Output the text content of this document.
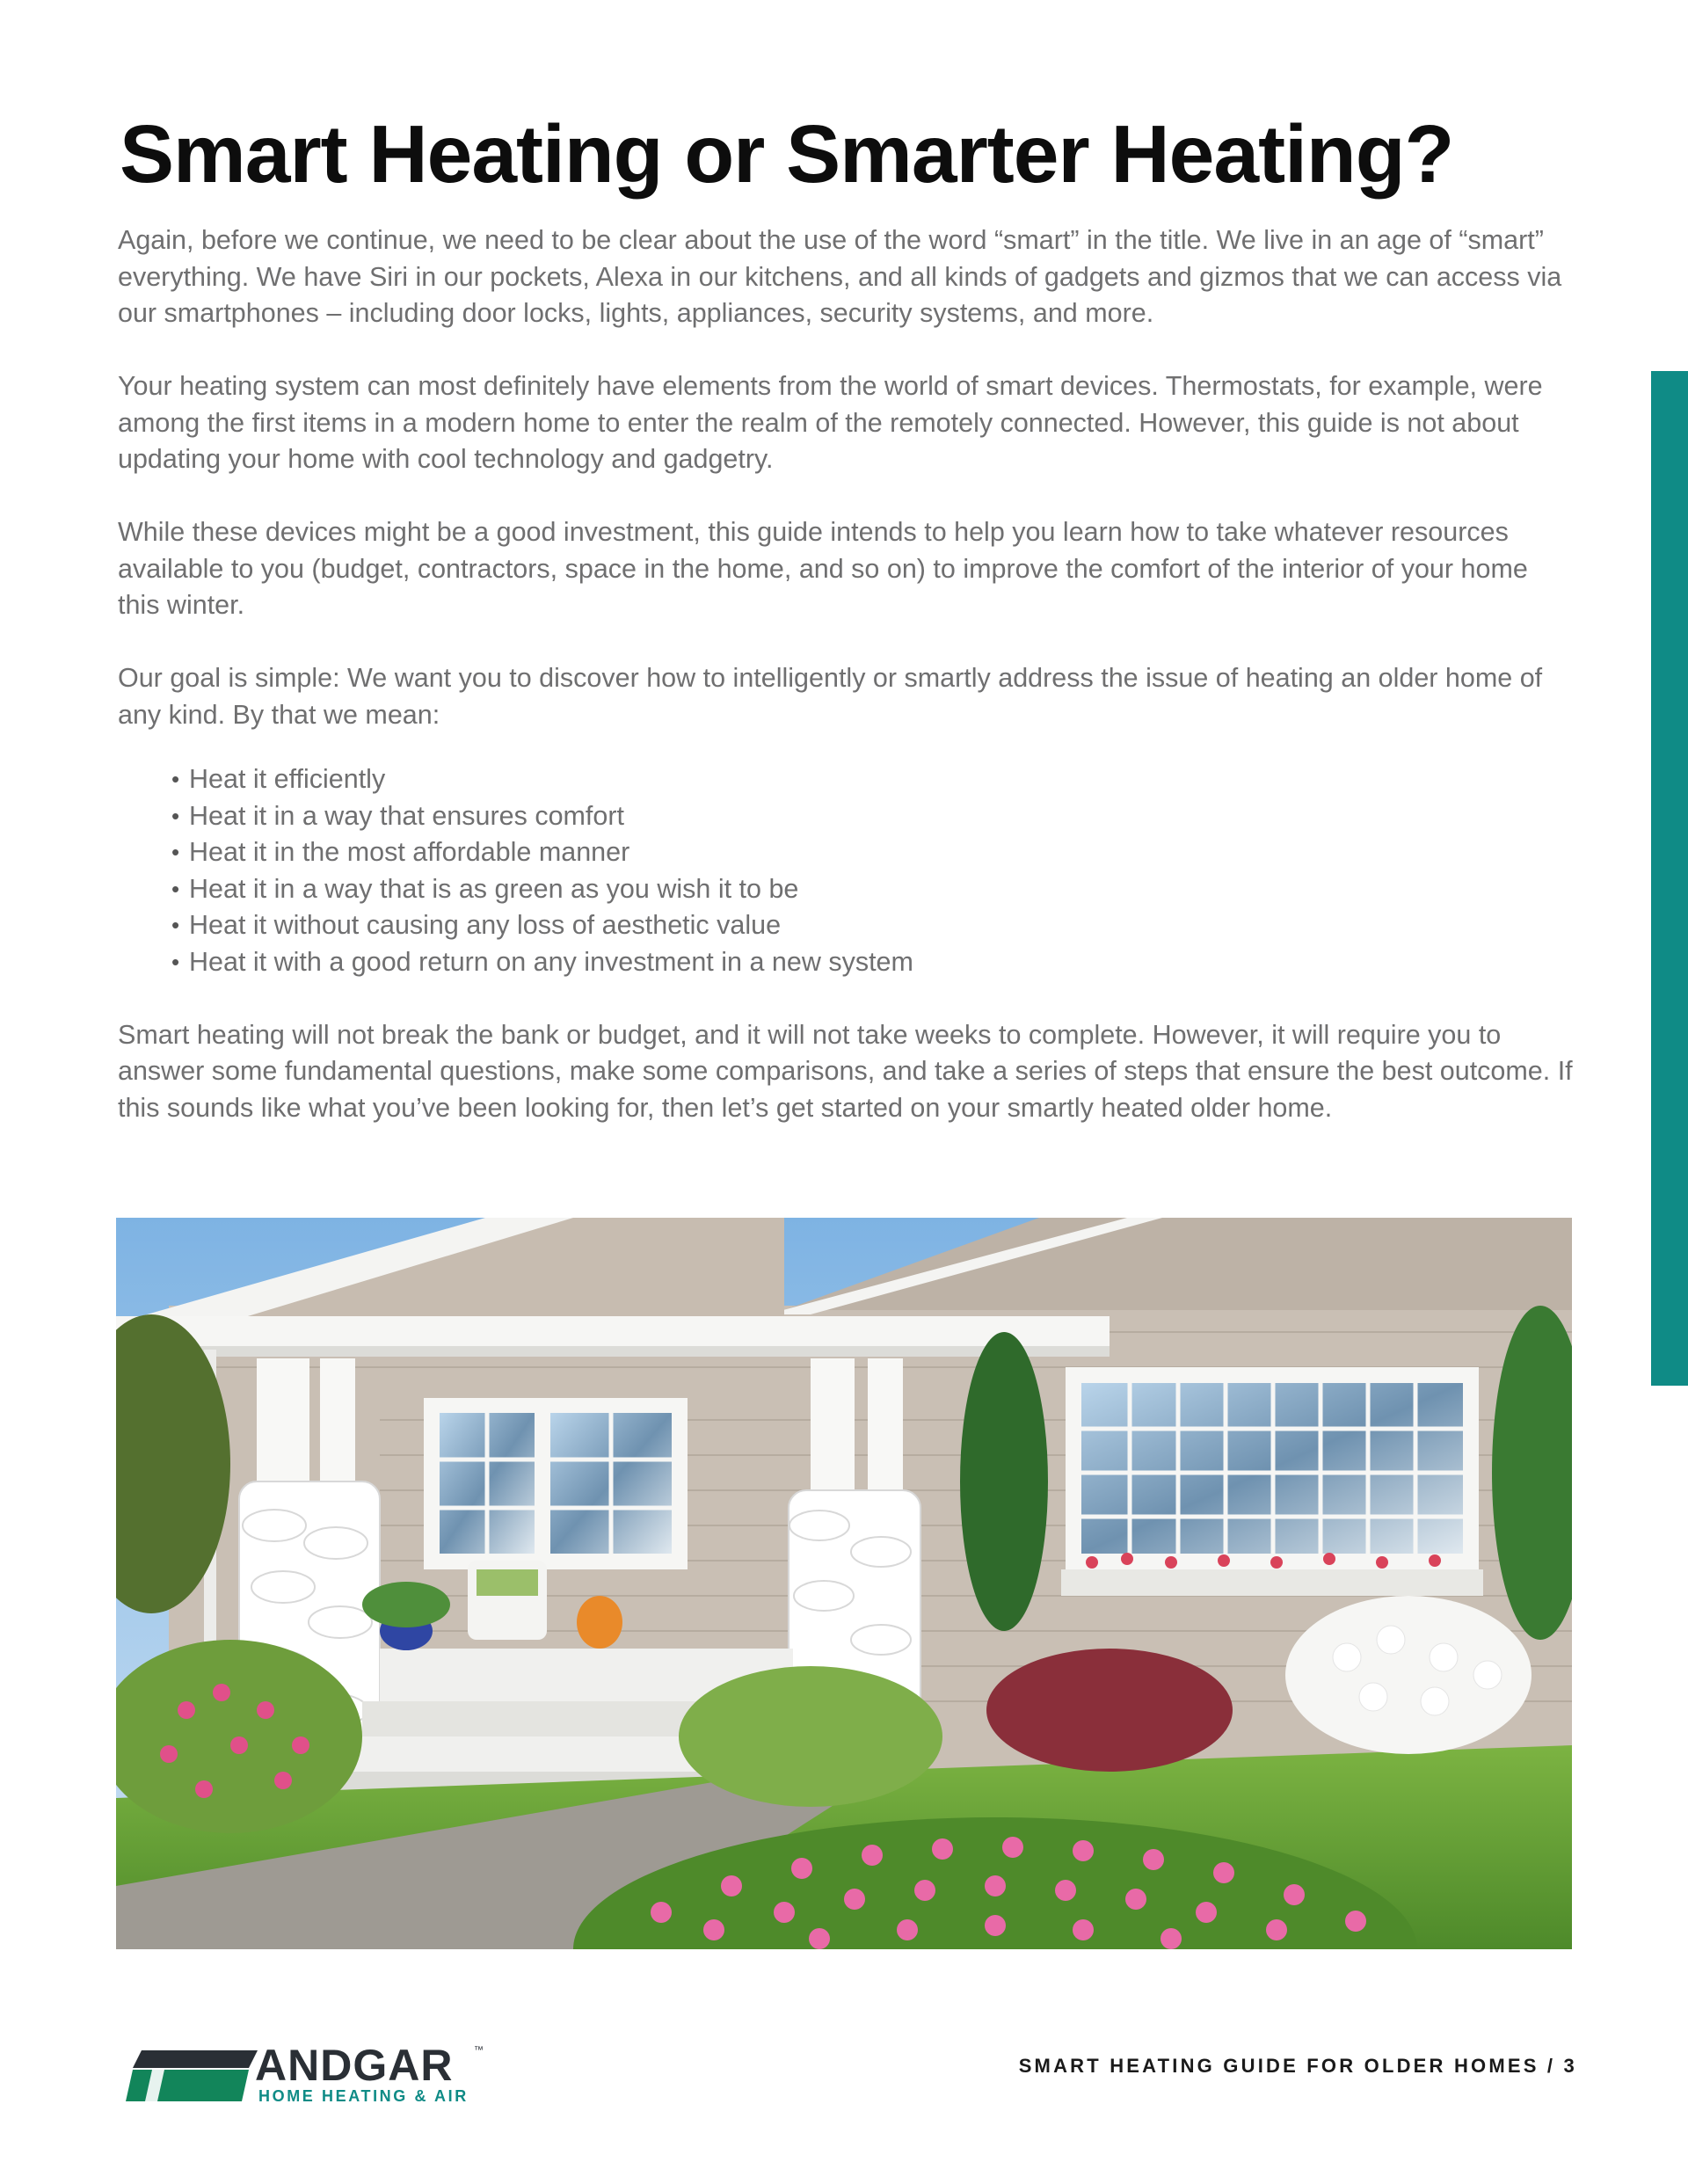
Smart Heating or Smarter Heating?

Again, before we continue, we need to be clear about the use of the word “smart” in the title. We live in an age of “smart” everything. We have Siri in our pockets, Alexa in our kitchens, and all kinds of gadgets and gizmos that we can access via our smartphones – including door locks, lights, appliances, security systems, and more.

Your heating system can most definitely have elements from the world of smart devices. Thermostats, for example, were among the first items in a modern home to enter the realm of the remotely connected. However, this guide is not about updating your home with cool technology and gadgetry.

While these devices might be a good investment, this guide intends to help you learn how to take whatever resources available to you (budget, contractors, space in the home, and so on) to improve the comfort of the interior of your home this winter.

Our goal is simple: We want you to discover how to intelligently or smartly address the issue of heating an older home of any kind. By that we mean:

• Heat it efficiently
• Heat it in a way that ensures comfort
• Heat it in the most affordable manner
• Heat it in a way that is as green as you wish it to be
• Heat it without causing any loss of aesthetic value
• Heat it with a good return on any investment in a new system

Smart heating will not break the bank or budget, and it will not take weeks to complete. However, it will require you to answer some fundamental questions, make some comparisons, and take a series of steps that ensure the best outcome. If this sounds like what you’ve been looking for, then let’s get started on your smartly heated older home.

ANDGAR ™
HOME HEATING & AIR
SMART HEATING GUIDE FOR OLDER HOMES / 3
